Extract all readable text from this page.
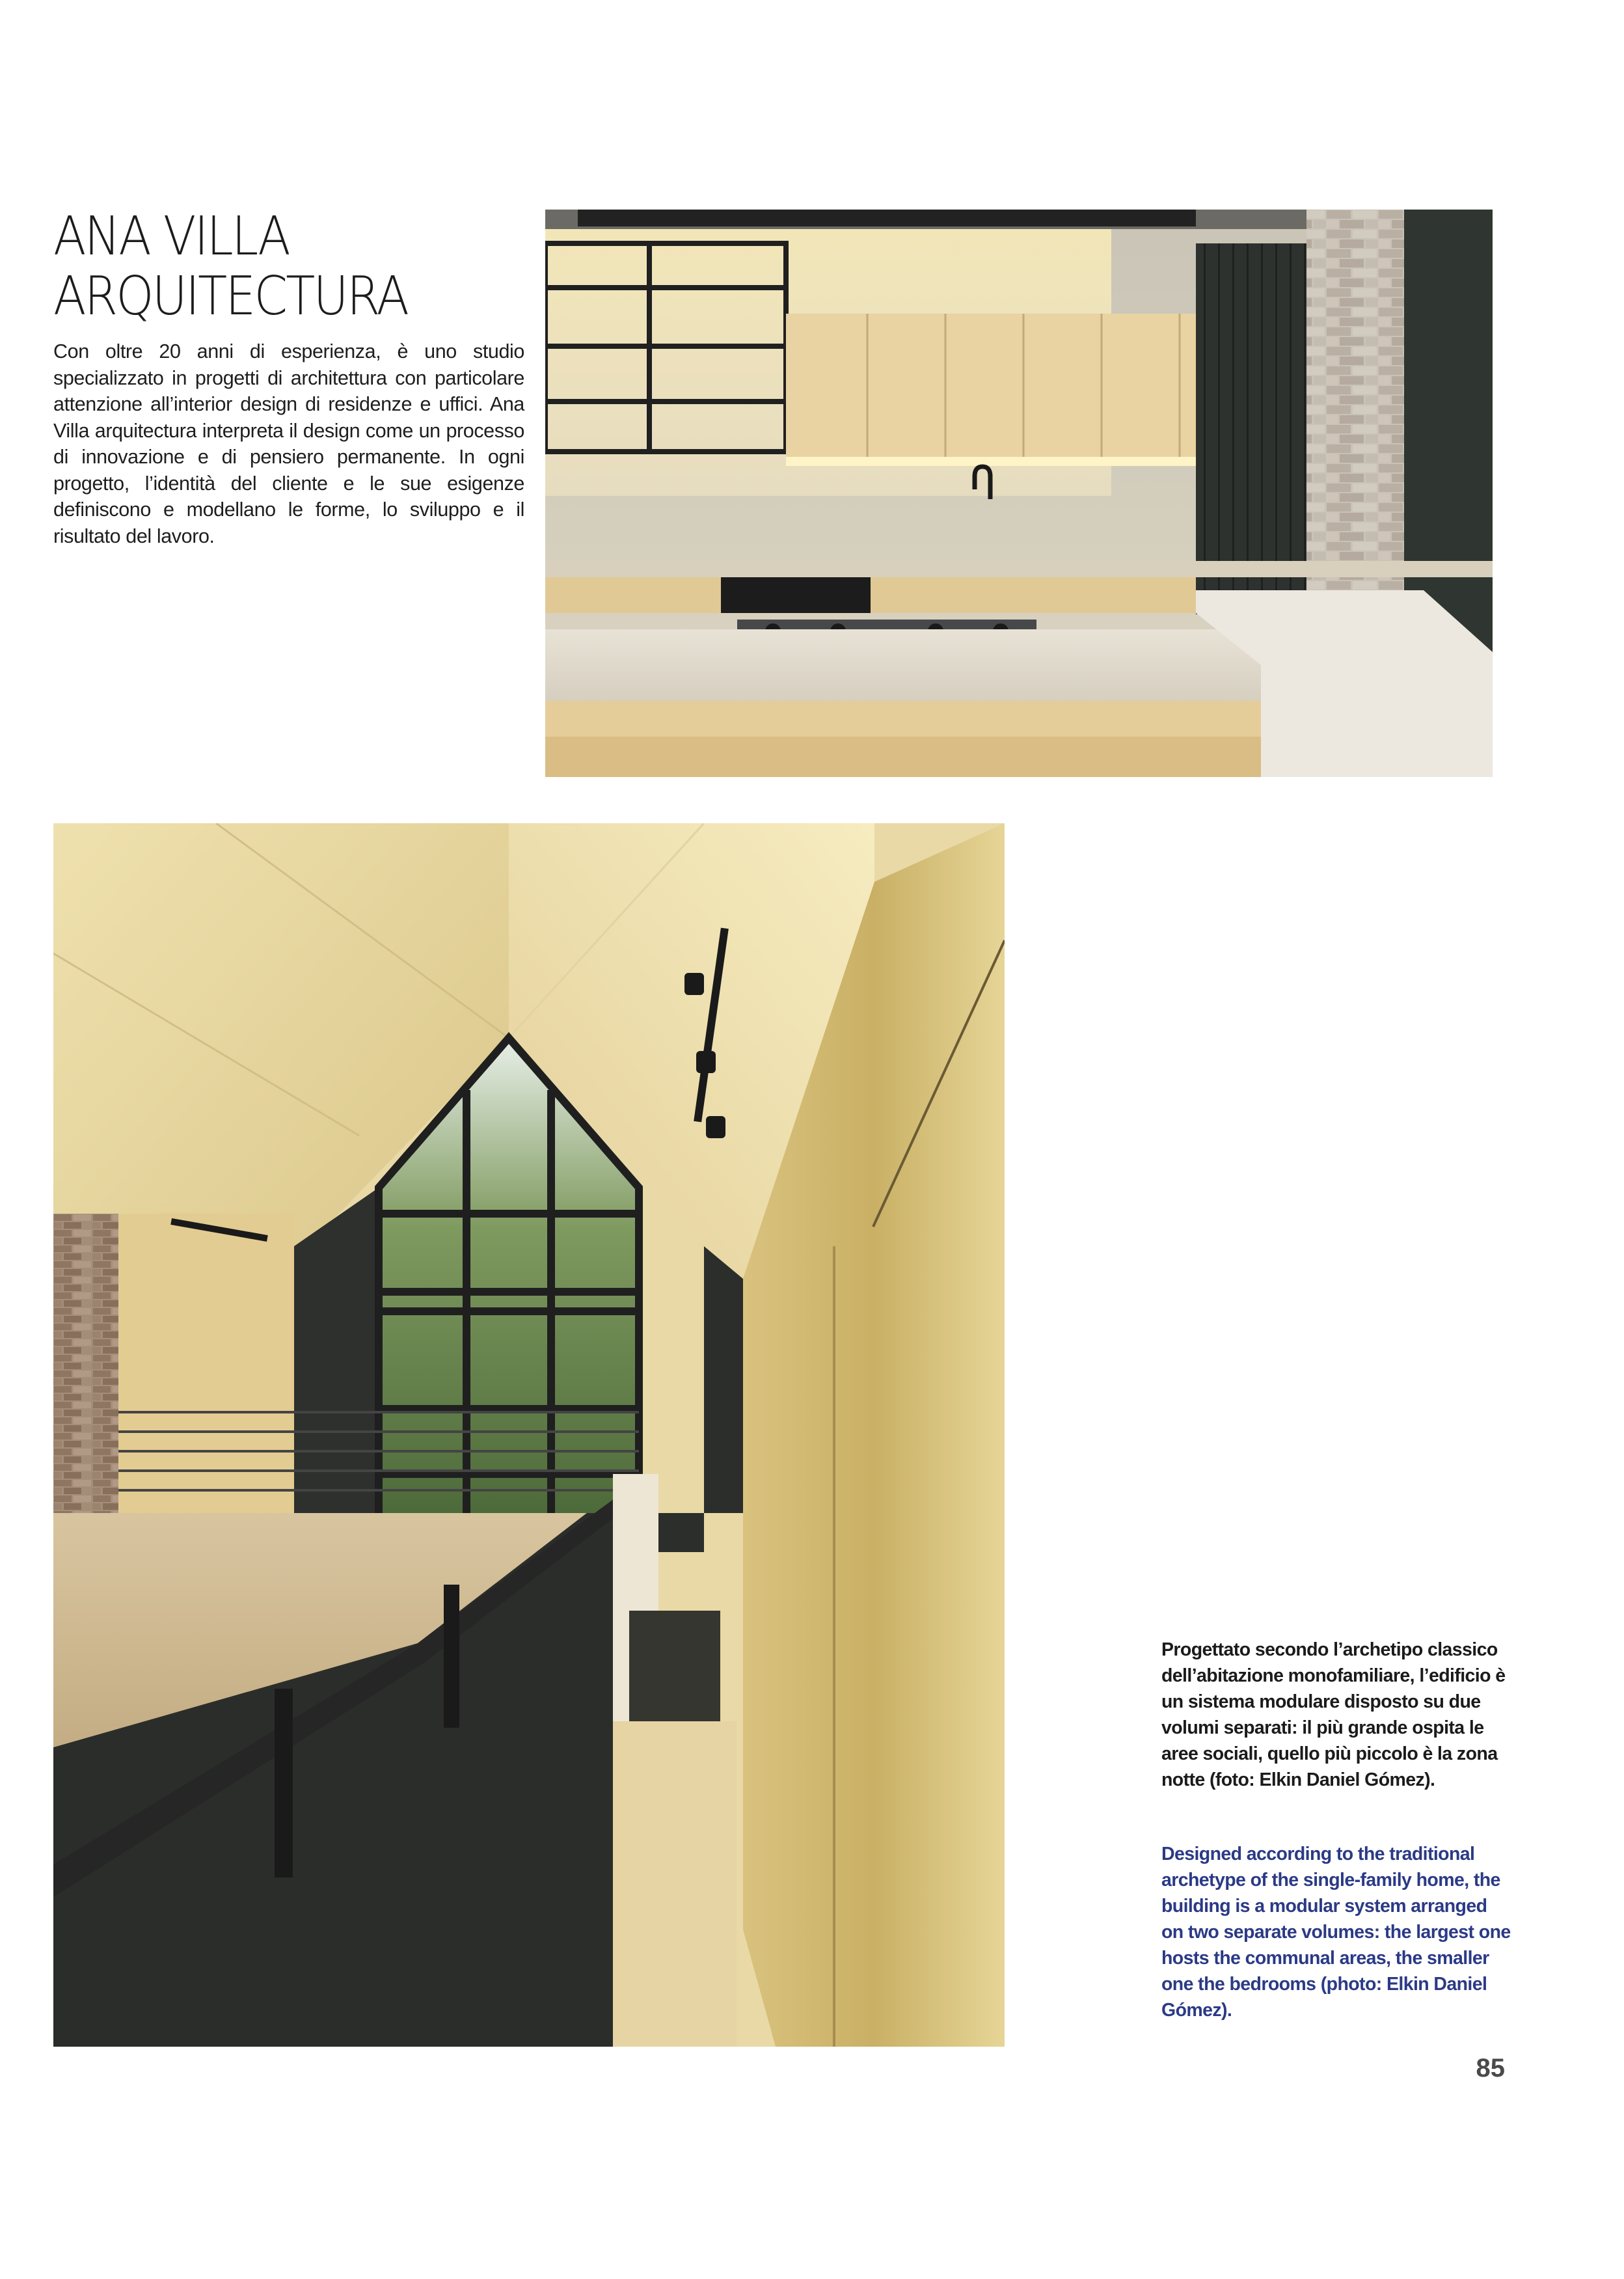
ANA VILLA
ARQUITECTURA

Con oltre 20 anni di esperienza, è uno studio specializzato in progetti di architettura con particolare attenzione all’interior design di residenze e uffici. Ana Villa arquitectura interpreta il design come un processo di innovazione e di pensiero permanente. In ogni progetto, l’identità del cliente e le sue esigenze definiscono e modellano le forme, lo sviluppo e il risultato del lavoro.

Progettato secondo l’archetipo classico dell’abitazione monofamiliare, l’edificio è un sistema modulare disposto su due volumi separati: il più grande ospita le aree sociali, quello più piccolo è la zona notte (foto: Elkin Daniel Gómez).

Designed according to the traditional archetype of the single-family home, the building is a modular system arranged on two separate volumes: the largest one hosts the communal areas, the smaller one the bedrooms (photo: Elkin Daniel Gómez).

85
